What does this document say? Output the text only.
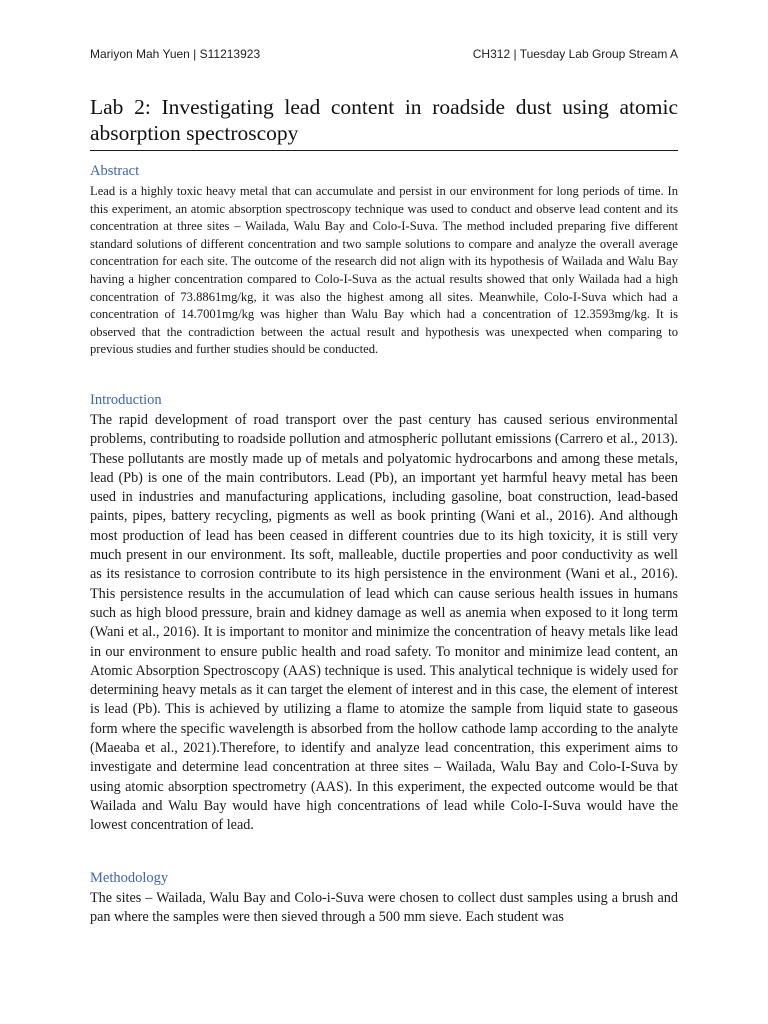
Mariyon Mah Yuen | S11213923	CH312 | Tuesday Lab Group Stream A
Lab 2: Investigating lead content in roadside dust using atomic absorption spectroscopy
Abstract

Lead is a highly toxic heavy metal that can accumulate and persist in our environment for long periods of time. In this experiment, an atomic absorption spectroscopy technique was used to conduct and observe lead content and its concentration at three sites – Wailada, Walu Bay and Colo-I-Suva. The method included preparing five different standard solutions of different concentration and two sample solutions to compare and analyze the overall average concentration for each site. The outcome of the research did not align with its hypothesis of Wailada and Walu Bay having a higher concentration compared to Colo-I-Suva as the actual results showed that only Wailada had a high concentration of 73.8861mg/kg, it was also the highest among all sites. Meanwhile, Colo-I-Suva which had a concentration of 14.7001mg/kg was higher than Walu Bay which had a concentration of 12.3593mg/kg. It is observed that the contradiction between the actual result and hypothesis was unexpected when comparing to previous studies and further studies should be conducted.

Introduction

The rapid development of road transport over the past century has caused serious environmental problems, contributing to roadside pollution and atmospheric pollutant emissions (Carrero et al., 2013). These pollutants are mostly made up of metals and polyatomic hydrocarbons and among these metals, lead (Pb) is one of the main contributors. Lead (Pb), an important yet harmful heavy metal has been used in industries and manufacturing applications, including gasoline, boat construction, lead-based paints, pipes, battery recycling, pigments as well as book printing (Wani et al., 2016). And although most production of lead has been ceased in different countries due to its high toxicity, it is still very much present in our environment. Its soft, malleable, ductile properties and poor conductivity as well as its resistance to corrosion contribute to its high persistence in the environment (Wani et al., 2016). This persistence results in the accumulation of lead which can cause serious health issues in humans such as high blood pressure, brain and kidney damage as well as anemia when exposed to it long term (Wani et al., 2016). It is important to monitor and minimize the concentration of heavy metals like lead in our environment to ensure public health and road safety. To monitor and minimize lead content, an Atomic Absorption Spectroscopy (AAS) technique is used. This analytical technique is widely used for determining heavy metals as it can target the element of interest and in this case, the element of interest is lead (Pb). This is achieved by utilizing a flame to atomize the sample from liquid state to gaseous form where the specific wavelength is absorbed from the hollow cathode lamp according to the analyte (Maeaba et al., 2021).Therefore, to identify and analyze lead concentration, this experiment aims to investigate and determine lead concentration at three sites – Wailada, Walu Bay and Colo-I-Suva by using atomic absorption spectrometry (AAS). In this experiment, the expected outcome would be that Wailada and Walu Bay would have high concentrations of lead while Colo-I-Suva would have the lowest concentration of lead.

Methodology

The sites – Wailada, Walu Bay and Colo-i-Suva were chosen to collect dust samples using a brush and pan where the samples were then sieved through a 500 mm sieve. Each student was
